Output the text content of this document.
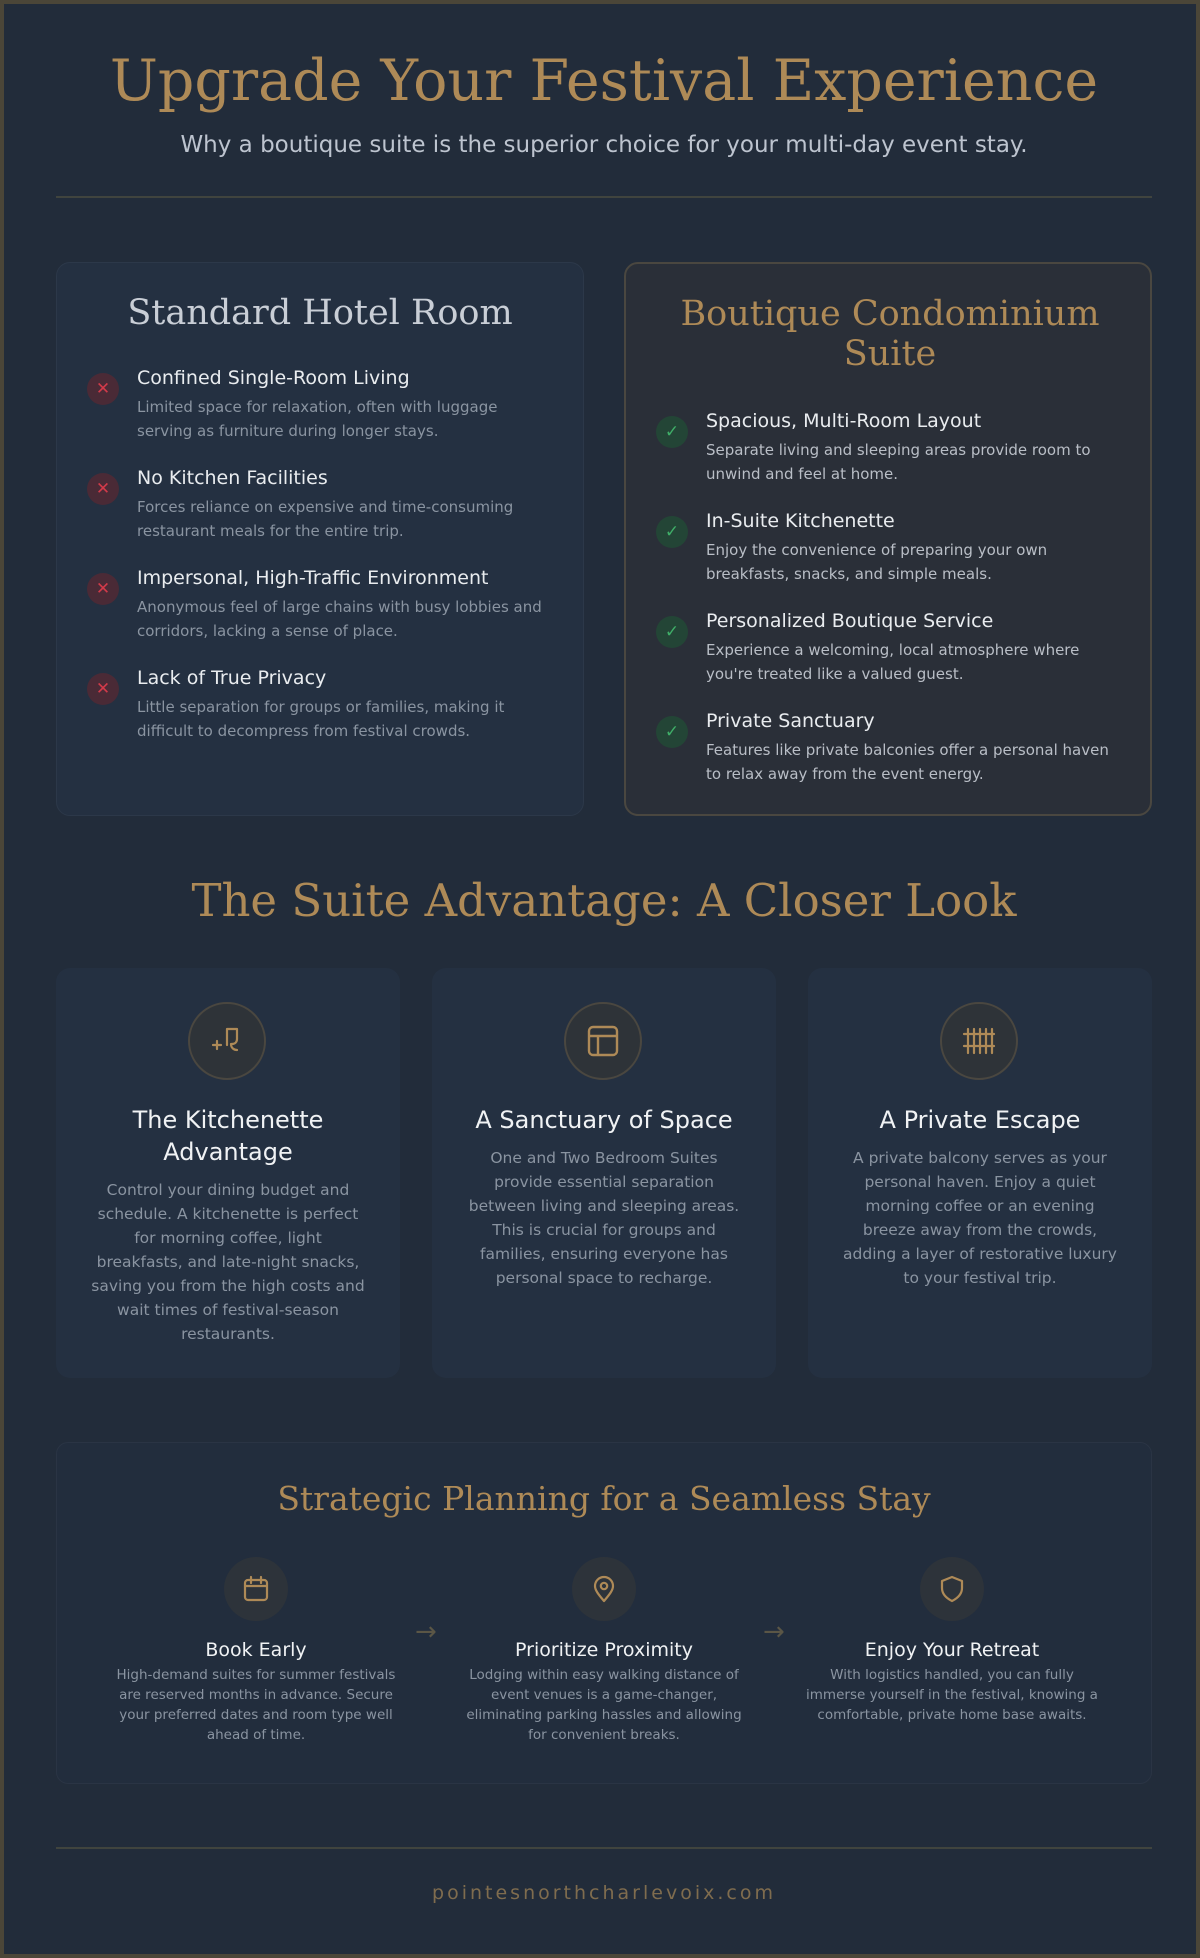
Upgrade Your Festival Experience
Why a boutique suite is the superior choice for your multi-day event stay.
Standard Hotel Room
✕	Confined Single-Room Living
Limited space for relaxation, often with luggage serving as furniture during longer stays.
✕	No Kitchen Facilities
Forces reliance on expensive and time-consuming restaurant meals for the entire trip.
✕	Impersonal, High-Traffic Environment
Anonymous feel of large chains with busy lobbies and corridors, lacking a sense of place.
✕	Lack of True Privacy
Little separation for groups or families, making it difficult to decompress from festival crowds.
Boutique Condominium Suite
✓	Spacious, Multi-Room Layout
Separate living and sleeping areas provide room to unwind and feel at home.
✓	In-Suite Kitchenette
Enjoy the convenience of preparing your own breakfasts, snacks, and simple meals.
✓	Personalized Boutique Service
Experience a welcoming, local atmosphere where you're treated like a valued guest.
✓	Private Sanctuary
Features like private balconies offer a personal haven to relax away from the event energy.
The Suite Advantage: A Closer Look
The Kitchenette Advantage
Control your dining budget and schedule. A kitchenette is perfect for morning coffee, light breakfasts, and late-night snacks, saving you from the high costs and wait times of festival-season restaurants.
A Sanctuary of Space
One and Two Bedroom Suites provide essential separation between living and sleeping areas. This is crucial for groups and families, ensuring everyone has personal space to recharge.
A Private Escape
A private balcony serves as your personal haven. Enjoy a quiet morning coffee or an evening breeze away from the crowds, adding a layer of restorative luxury to your festival trip.
Strategic Planning for a Seamless Stay
Book Early
High-demand suites for summer festivals are reserved months in advance. Secure your preferred dates and room type well ahead of time.
→
Prioritize Proximity
Lodging within easy walking distance of event venues is a game-changer, eliminating parking hassles and allowing for convenient breaks.
→
Enjoy Your Retreat
With logistics handled, you can fully immerse yourself in the festival, knowing a comfortable, private home base awaits.
pointesnorthcharlevoix.com
